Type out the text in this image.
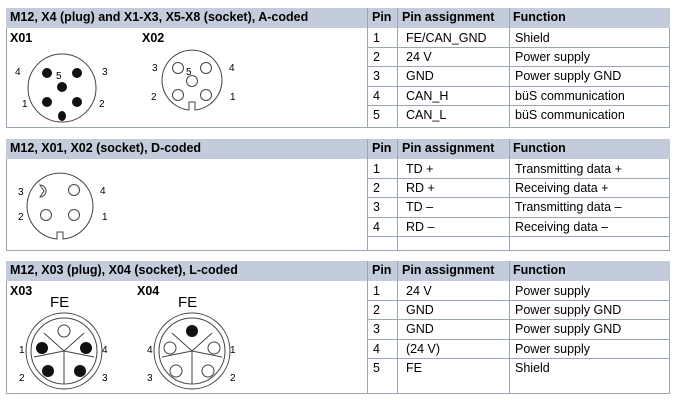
M12, X4 (plug) and X1-X3, X5-X8 (socket), A-coded	Pin Pin assignment Function
1 FE/CAN_GND Shield
2 24 V	Power supply
3 GND	Power supply GND
4 CAN_H	büS communication
5 CAN_L	büS communication
X01	X02
4	3
5
1	2
3	4
5
2	1
M12, X01, X02 (socket), D-coded	Pin Pin assignment Function
1 TD +	Transmitting data +
2 RD +	Receiving data +
3 TD –	Transmitting data –
4 RD –	Receiving data –
3	4
2	1
M12, X03 (plug), X04 (socket), L-coded	Pin Pin assignment Function
1 24 V	Power supply
2 GND	Power supply GND
3 GND	Power supply GND
4 (24 V)	Power supply
5 FE	Shield
X03	X04
FE
1	4
2	3
FE
4	1
3	2
